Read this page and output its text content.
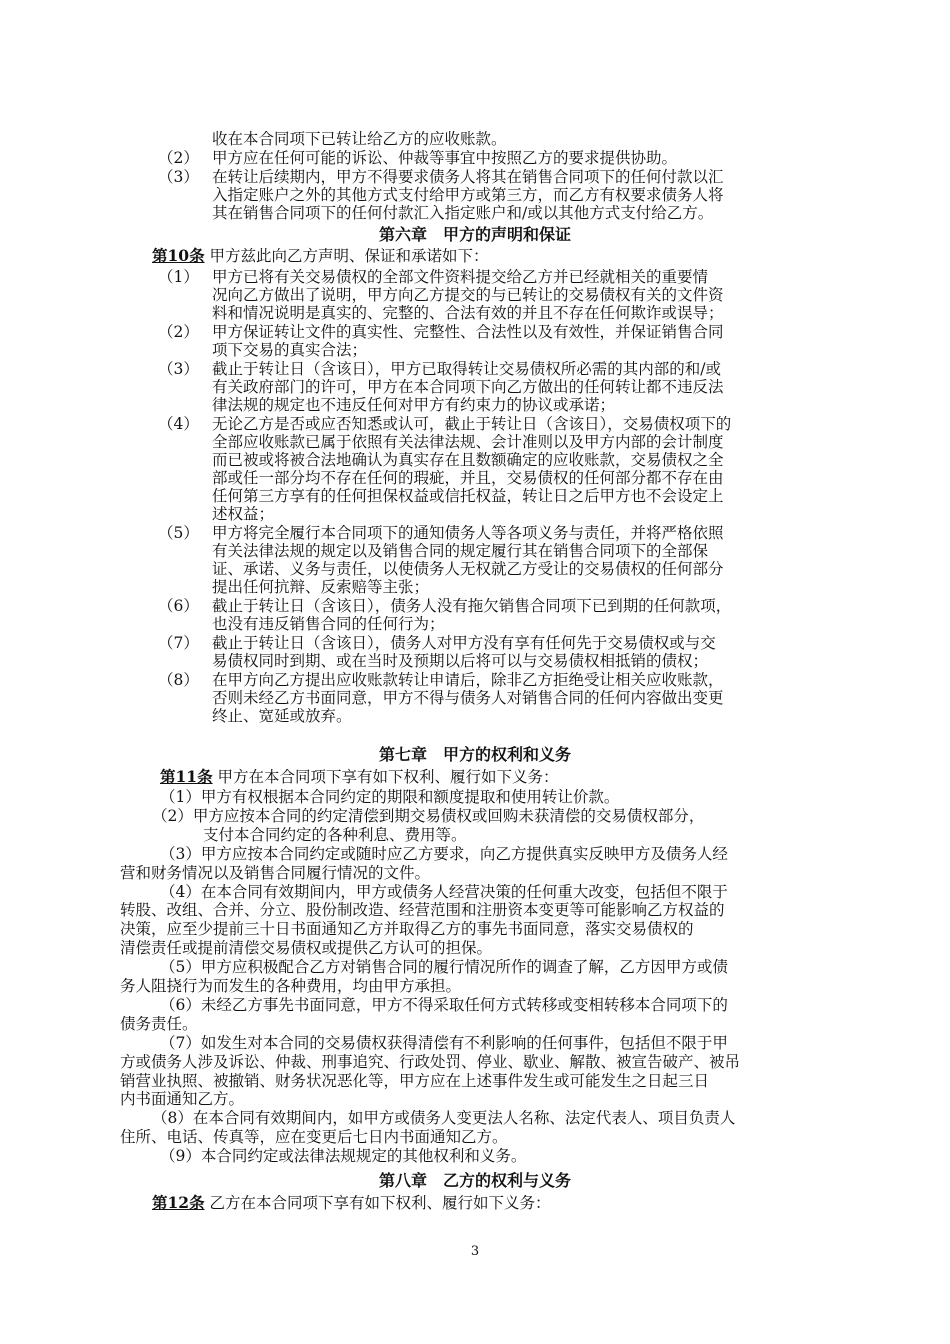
收在本合同项下已转让给乙方的应收账款。
（2） 甲方应在任何可能的诉讼、仲裁等事宜中按照乙方的要求提供协助。
（3） 在转让后续期内，甲方不得要求债务人将其在销售合同项下的任何付款以汇
入指定账户之外的其他方式支付给甲方或第三方，而乙方有权要求债务人将
其在销售合同项下的任何付款汇入指定账户和/或以其他方式支付给乙方。
第六章　甲方的声明和保证
第10条 甲方兹此向乙方声明、保证和承诺如下：
（1） 甲方已将有关交易债权的全部文件资料提交给乙方并已经就相关的重要情
况向乙方做出了说明，甲方向乙方提交的与已转让的交易债权有关的文件资
料和情况说明是真实的、完整的、合法有效的并且不存在任何欺诈或误导；
（2） 甲方保证转让文件的真实性、完整性、合法性以及有效性，并保证销售合同
项下交易的真实合法；
（3） 截止于转让日（含该日），甲方已取得转让交易债权所必需的其内部的和/或
有关政府部门的许可，甲方在本合同项下向乙方做出的任何转让都不违反法
律法规的规定也不违反任何对甲方有约束力的协议或承诺；
（4） 无论乙方是否或应否知悉或认可，截止于转让日（含该日），交易债权项下的
全部应收账款已属于依照有关法律法规、会计准则以及甲方内部的会计制度
而已被或将被合法地确认为真实存在且数额确定的应收账款，交易债权之全
部或任一部分均不存在任何的瑕疵，并且，交易债权的任何部分都不存在由
任何第三方享有的任何担保权益或信托权益，转让日之后甲方也不会设定上
述权益；
（5） 甲方将完全履行本合同项下的通知债务人等各项义务与责任，并将严格依照
有关法律法规的规定以及销售合同的规定履行其在销售合同项下的全部保
证、承诺、义务与责任，以使债务人无权就乙方受让的交易债权的任何部分
提出任何抗辩、反索赔等主张；
（6） 截止于转让日（含该日），债务人没有拖欠销售合同项下已到期的任何款项，
也没有违反销售合同的任何行为；
（7） 截止于转让日（含该日），债务人对甲方没有享有任何先于交易债权或与交
易债权同时到期、或在当时及预期以后将可以与交易债权相抵销的债权；
（8） 在甲方向乙方提出应收账款转让申请后，除非乙方拒绝受让相关应收账款，
否则未经乙方书面同意，甲方不得与债务人对销售合同的任何内容做出变更
终止、宽延或放弃。
第七章　甲方的权利和义务
第11条 甲方在本合同项下享有如下权利、履行如下义务：
（1）甲方有权根据本合同约定的期限和额度提取和使用转让价款。
（2）甲方应按本合同的约定清偿到期交易债权或回购未获清偿的交易债权部分，
支付本合同约定的各种利息、费用等。
（3）甲方应按本合同约定或随时应乙方要求，向乙方提供真实反映甲方及债务人经
营和财务情况以及销售合同履行情况的文件。
（4）在本合同有效期间内，甲方或债务人经营决策的任何重大改变，包括但不限于
转股、改组、合并、分立、股份制改造、经营范围和注册资本变更等可能影响乙方权益的
决策，应至少提前三十日书面通知乙方并取得乙方的事先书面同意，落实交易债权的
清偿责任或提前清偿交易债权或提供乙方认可的担保。
（5）甲方应积极配合乙方对销售合同的履行情况所作的调查了解，乙方因甲方或债
务人阻挠行为而发生的各种费用，均由甲方承担。
（6）未经乙方事先书面同意，甲方不得采取任何方式转移或变相转移本合同项下的
债务责任。
（7）如发生对本合同的交易债权获得清偿有不利影响的任何事件，包括但不限于甲
方或债务人涉及诉讼、仲裁、刑事追究、行政处罚、停业、歇业、解散、被宣告破产、被吊
销营业执照、被撤销、财务状况恶化等，甲方应在上述事件发生或可能发生之日起三日
内书面通知乙方。
（8）在本合同有效期间内，如甲方或债务人变更法人名称、法定代表人、项目负责人
住所、电话、传真等，应在变更后七日内书面通知乙方。
（9）本合同约定或法律法规规定的其他权利和义务。
第八章　乙方的权利与义务
第12条 乙方在本合同项下享有如下权利、履行如下义务：
3
